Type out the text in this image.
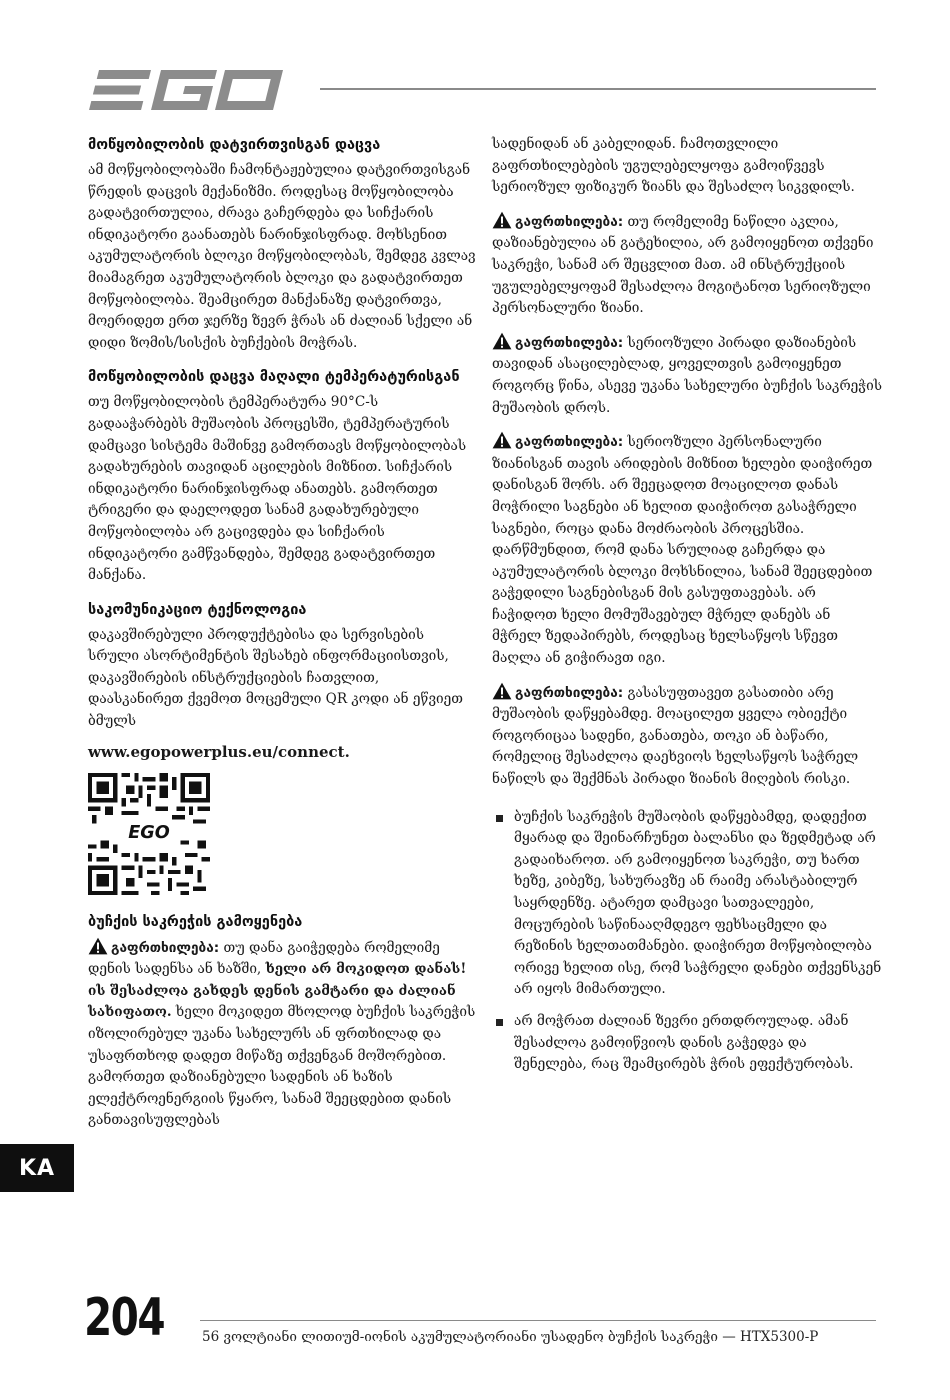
მოწყობილობის დატვირთვისგან დაცვა

ამ მოწყობილობაში ჩამონტაჟებულია დატვირთვისგან წრედის დაცვის მექანიზმი. როდესაც მოწყობილობა გადატვირთულია, ძრავა გაჩერდება და სიჩქარის ინდიკატორი გაანათებს ნარინჯისფრად. მოხსენით აკუმულატორის ბლოკი მოწყობილობას, შემდეგ კვლავ მიამაგრეთ აკუმულატორის ბლოკი და გადატვირთეთ მოწყობილობა. შეამცირეთ მანქანაზე დატვირთვა, მოერიდეთ ერთ ჯერზე ზევრ ჭრას ან ძალიან სქელი ან დიდი ზომის/სისქის ბუჩქების მოჭრას.

მოწყობილობის დაცვა მაღალი ტემპერატურისგან

თუ მოწყობილობის ტემპერატურა 90°C-ს გადააჭარბებს მუშაობის პროცესში, ტემპერატურის დამცავი სისტემა მაშინვე გამორთავს მოწყობილობას გადახურების თავიდან აცილების მიზნით. სიჩქარის ინდიკატორი ნარინჯისფრად ანათებს. გამორთეთ ტრიგერი და დაელოდეთ სანამ გადახურებული მოწყობილობა არ გაცივდება და სიჩქარის ინდიკატორი გამწვანდება, შემდეგ გადატვირთეთ მანქანა.

საკომუნიკაციო ტექნოლოგია

დაკავშირებული პროდუქტებისა და სერვისების სრული ასორტიმენტის შესახებ ინფორმაციისთვის, დაკავშირების ინსტრუქციების ჩათვლით, დაასკანირეთ ქვემოთ მოცემული QR კოდი ან ეწვიეთ ბმულს

www.egopowerplus.eu/connect.
EGO
ბუჩქის საკრეჭის გამოყენება

გაფრთხილება: თუ დანა გაიჭედება რომელიმე დენის სადენსა ან ხაზში, ხელი არ მოკიდოთ დანას! ის შესაძლოა გახდეს დენის გამტარი და ძალიან სახიფათო. ხელი მოკიდეთ მხოლოდ ბუჩქის საკრეჭის იზოლირებულ უკანა სახელურს ან ფრთხილად და უსაფრთხოდ დადეთ მიწაზე თქვენგან მოშორებით. გამორთეთ დაზიანებული სადენის ან ხაზის ელექტროენერგიის წყარო, სანამ შეეცდებით დანის განთავისუფლებას

სადენიდან ან კაბელიდან. ჩამოთვლილი გაფრთხილებების უგულებელყოფა გამოიწვევს სერიოზულ ფიზიკურ ზიანს და შესაძლო სიკვდილს.

გაფრთხილება: თუ რომელიმე ნაწილი აკლია, დაზიანებულია ან გატეხილია, არ გამოიყენოთ თქვენი საკრეჭი, სანამ არ შეცვლით მათ. ამ ინსტრუქციის უგულებელყოფამ შესაძლოა მოგიტანოთ სერიოზული პერსონალური ზიანი.

გაფრთხილება: სერიოზული პირადი დაზიანების თავიდან ასაცილებლად, ყოველთვის გამოიყენეთ როგორც წინა, ასევე უკანა სახელური ბუჩქის საკრეჭის მუშაობის დროს.

გაფრთხილება: სერიოზული პერსონალური ზიანისგან თავის არიდების მიზნით ხელები დაიჭირეთ დანისგან შორს. არ შეეცადოთ მოაცილოთ დანას მოჭრილი საგნები ან ხელით დაიჭიროთ გასაჭრელი საგნები, როცა დანა მოძრაობის პროცესშია. დარწმუნდით, რომ დანა სრულიად გაჩერდა და აკუმულატორის ბლოკი მოხსნილია, სანამ შეეცდებით გაჭედილი საგნებისგან მის გასუფთავებას. არ ჩაჭიდოთ ხელი მომუშავებულ მჭრელ დანებს ან მჭრელ ზედაპირებს, როდესაც ხელსაწყოს სწევთ მაღლა ან გიჭირავთ იგი.

გაფრთხილება: გასასუფთავეთ გასათიბი არე მუშაობის დაწყებამდე. მოაცილეთ ყველა ობიექტი როგორიცაა სადენი, განათება, თოკი ან ბაწარი, რომელიც შესაძლოა დაეხვიოს ხელსაწყოს საჭრელ ნაწილს და შექმნას პირადი ზიანის მიღების რისკი.

ბუჩქის საკრეჭის მუშაობის დაწყებამდე, დადექით მყარად და შეინარჩუნეთ ბალანსი და ზედმეტად არ გადაიხაროთ. არ გამოიყენოთ საკრეჭი, თუ ხართ ხეზე, კიბეზე, სახურავზე ან რაიმე არასტაბილურ საყრდენზე. ატარეთ დამცავი სათვალეები, მოცურების საწინააღმდეგო ფეხსაცმელი და რეზინის ხელთათმანები. დაიჭირეთ მოწყობილობა ორივე ხელით ისე, რომ საჭრელი დანები თქვენსკენ არ იყოს მიმართული.
არ მოჭრათ ძალიან ზევრი ერთდროულად. ამან შესაძლოა გამოიწვიოს დანის გაჭედვა და შენელება, რაც შეამცირებს ჭრის ეფექტურობას.
KA
204	56 ვოლტიანი ლითიუმ-იონის აკუმულატორიანი უსადენო ბუჩქის საკრეჭი — HTX5300-P
